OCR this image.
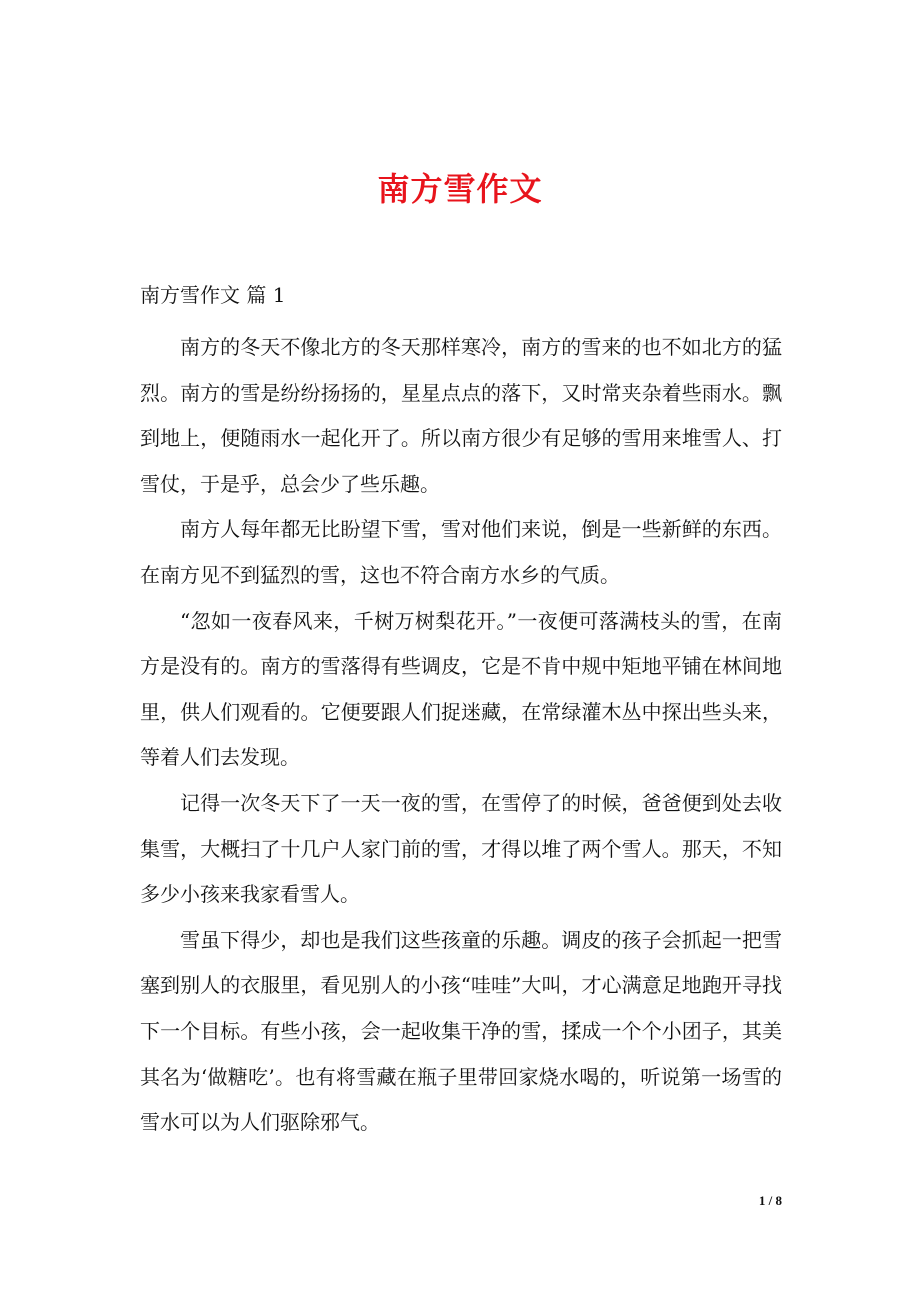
南方雪作文
南方雪作文 篇 1

南方的冬天不像北方的冬天那样寒冷，南方的雪来的也不如北方的猛烈。南方的雪是纷纷扬扬的，星星点点的落下，又时常夹杂着些雨水。飘到地上，便随雨水一起化开了。所以南方很少有足够的雪用来堆雪人、打雪仗，于是乎，总会少了些乐趣。

南方人每年都无比盼望下雪，雪对他们来说，倒是一些新鲜的东西。在南方见不到猛烈的雪，这也不符合南方水乡的气质。

“忽如一夜春风来，千树万树梨花开。”一夜便可落满枝头的雪，在南方是没有的。南方的雪落得有些调皮，它是不肯中规中矩地平铺在林间地里，供人们观看的。它便要跟人们捉迷藏，在常绿灌木丛中探出些头来，等着人们去发现。

记得一次冬天下了一天一夜的雪，在雪停了的时候，爸爸便到处去收集雪，大概扫了十几户人家门前的雪，才得以堆了两个雪人。那天，不知多少小孩来我家看雪人。

雪虽下得少，却也是我们这些孩童的乐趣。调皮的孩子会抓起一把雪塞到别人的衣服里，看见别人的小孩“哇哇”大叫，才心满意足地跑开寻找下一个目标。有些小孩，会一起收集干净的雪，揉成一个个小团子，其美其名为‘做糖吃’。也有将雪藏在瓶子里带回家烧水喝的，听说第一场雪的雪水可以为人们驱除邪气。

1 / 8
